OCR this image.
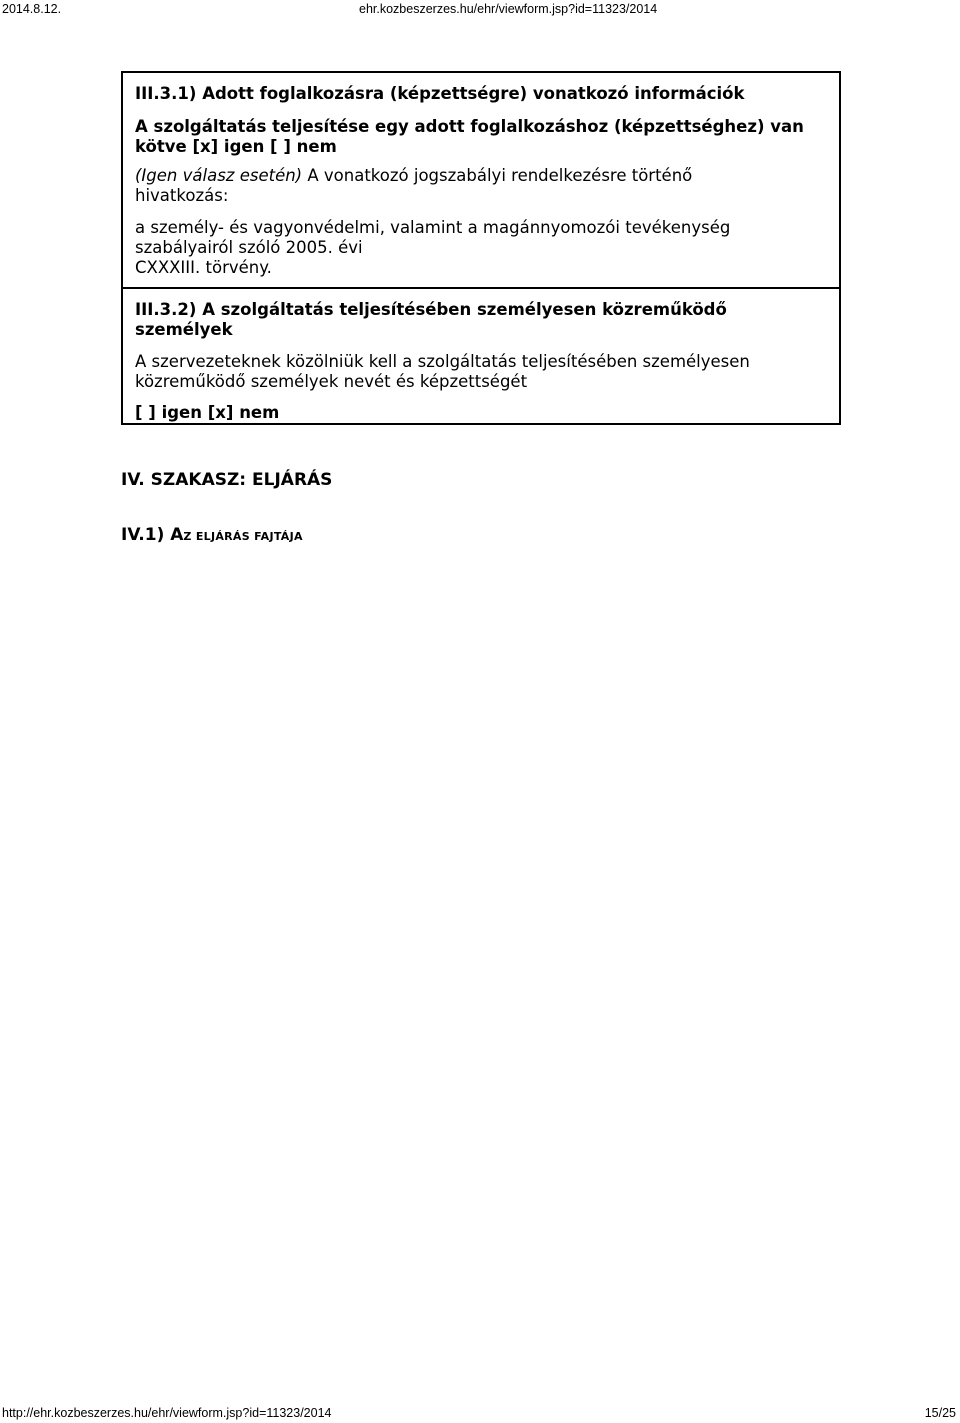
2014.8.12.	ehr.kozbeszerzes.hu/ehr/viewform.jsp?id=11323/2014
III.3.1) Adott foglalkozásra (képzettségre) vonatkozó információk
A szolgáltatás teljesítése egy adott foglalkozáshoz (képzettséghez) van
kötve [x] igen [ ] nem
(Igen válasz esetén) A vonatkozó jogszabályi rendelkezésre történő
hivatkozás:
a személy- és vagyonvédelmi, valamint a magánnyomozói tevékenység
szabályairól szóló 2005. évi
CXXXIII. törvény.
III.3.2) A szolgáltatás teljesítésében személyesen közreműködő
személyek
A szervezeteknek közölniük kell a szolgáltatás teljesítésében személyesen
közreműködő személyek nevét és képzettségét
[ ] igen [x] nem
IV. SZAKASZ: ELJÁRÁS
IV.1) AZ ELJÁRÁS FAJTÁJA
http://ehr.kozbeszerzes.hu/ehr/viewform.jsp?id=11323/2014	15/25
